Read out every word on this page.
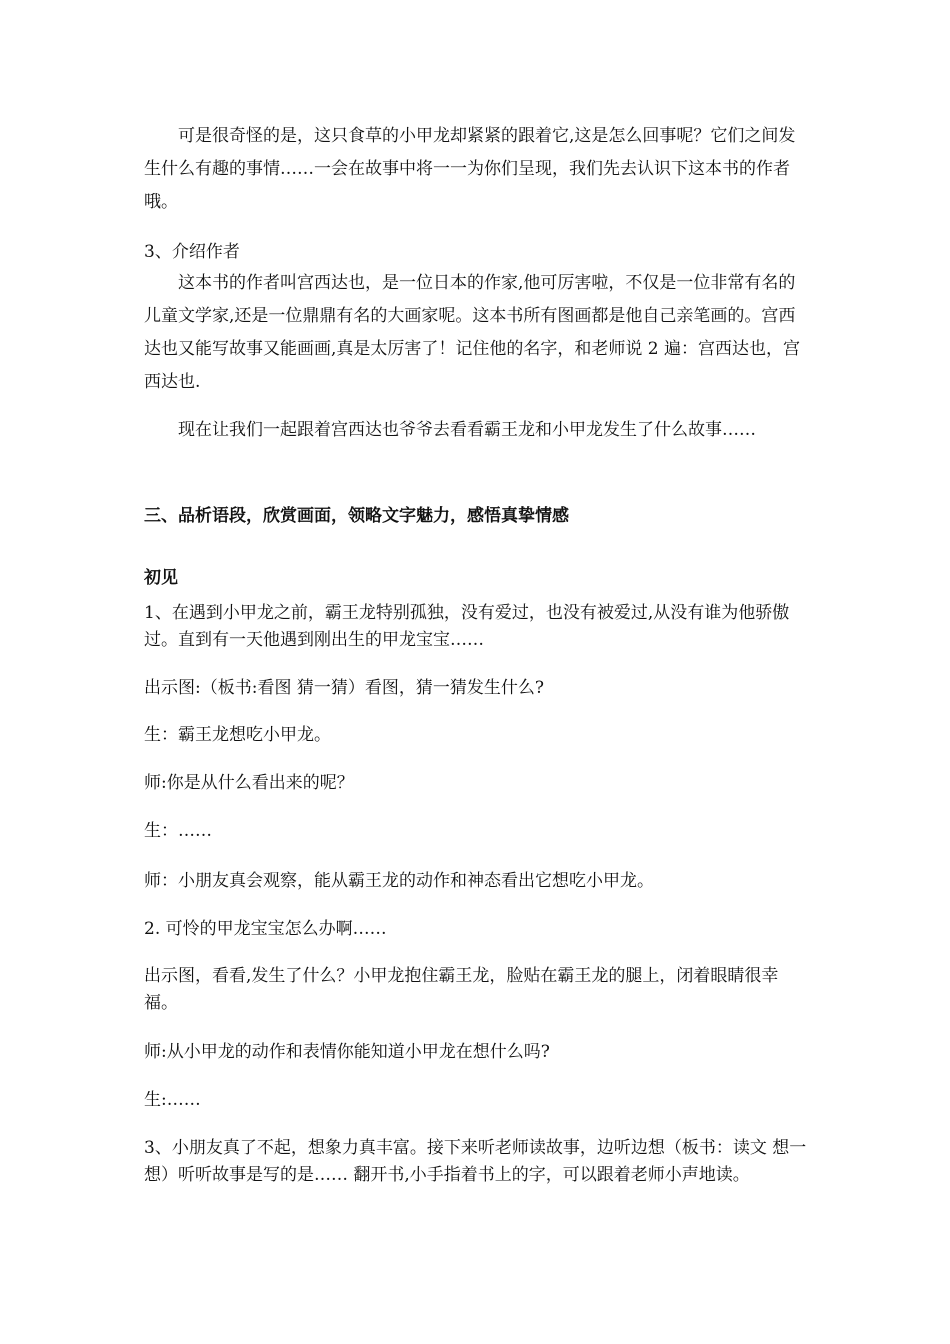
可是很奇怪的是，这只食草的小甲龙却紧紧的跟着它,这是怎么回事呢？它们之间发生什么有趣的事情……一会在故事中将一一为你们呈现，我们先去认识下这本书的作者哦。

3、介绍作者

这本书的作者叫宫西达也，是一位日本的作家,他可厉害啦，不仅是一位非常有名的儿童文学家,还是一位鼎鼎有名的大画家呢。这本书所有图画都是他自己亲笔画的。宫西达也又能写故事又能画画,真是太厉害了！记住他的名字，和老师说 2 遍：宫西达也，宫西达也.

现在让我们一起跟着宫西达也爷爷去看看霸王龙和小甲龙发生了什么故事……

三、品析语段，欣赏画面，领略文字魅力，感悟真挚情感
初见

1、在遇到小甲龙之前，霸王龙特别孤独，没有爱过，也没有被爱过,从没有谁为他骄傲过。直到有一天他遇到刚出生的甲龙宝宝……

出示图:（板书:看图 猜一猜）看图，猜一猜发生什么?

生：霸王龙想吃小甲龙。

师:你是从什么看出来的呢？

生：……

师：小朋友真会观察，能从霸王龙的动作和神态看出它想吃小甲龙。

2. 可怜的甲龙宝宝怎么办啊……

出示图，看看,发生了什么？小甲龙抱住霸王龙，脸贴在霸王龙的腿上，闭着眼睛很幸福。

师:从小甲龙的动作和表情你能知道小甲龙在想什么吗?

生:……

3、小朋友真了不起，想象力真丰富。接下来听老师读故事，边听边想（板书：读文 想一想）听听故事是写的是…… 翻开书,小手指着书上的字，可以跟着老师小声地读。
